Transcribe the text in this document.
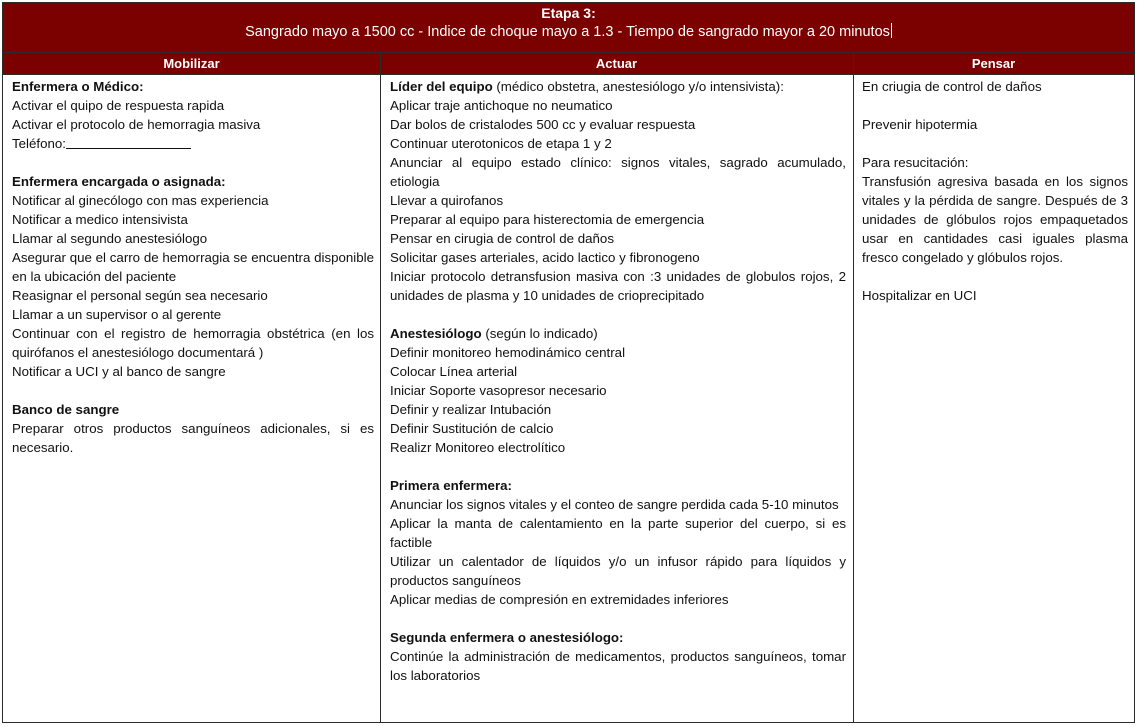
Etapa 3:
Sangrado mayo a 1500 cc - Indice de choque mayo a 1.3 - Tiempo de sangrado mayor a 20 minutos
Mobilizar	Actuar	Pensar

Enfermera o Médico:

Activar el quipo de respuesta rapida

Activar el protocolo de hemorragia masiva

Teléfono:

Enfermera encargada o asignada:

Notificar al ginecólogo con mas experiencia

Notificar a medico intensivista

Llamar al segundo anestesiólogo

Asegurar que el carro de hemorragia se encuentra disponible en la ubicación del paciente

Reasignar el personal según sea necesario

Llamar a un supervisor o al gerente

Continuar con el registro de hemorragia obstétrica (en los quirófanos el anestesiólogo documentará )

Notificar a UCI y al banco de sangre

Banco de sangre

Preparar otros productos sanguíneos adicionales, si es necesario.

Líder del equipo (médico obstetra, anestesiólogo y/o intensivista):

Aplicar traje antichoque no neumatico

Dar bolos de cristalodes 500 cc y evaluar respuesta

Continuar uterotonicos de etapa 1 y 2

Anunciar al equipo estado clínico: signos vitales, sagrado acumulado, etiologia

Llevar a quirofanos

Preparar al equipo para histerectomia de emergencia

Pensar en cirugia de control de daños

Solicitar gases arteriales, acido lactico y fibronogeno

Iniciar protocolo detransfusion masiva con :3 unidades de globulos rojos, 2 unidades de plasma y 10 unidades de crioprecipitado

Anestesiólogo (según lo indicado)

Definir monitoreo hemodinámico central

Colocar Línea arterial

Iniciar Soporte vasopresor necesario

Definir y realizar Intubación

Definir Sustitución de calcio

Realizr Monitoreo electrolítico

Primera enfermera:

Anunciar los signos vitales y el conteo de sangre perdida cada 5-10 minutos

Aplicar la manta de calentamiento en la parte superior del cuerpo, si es factible

Utilizar un calentador de líquidos y/o un infusor rápido para líquidos y productos sanguíneos

Aplicar medias de compresión en extremidades inferiores

Segunda enfermera o anestesiólogo:

Continúe la administración de medicamentos, productos sanguíneos, tomar los laboratorios

En criugia de control de daños

Prevenir hipotermia

Para resucitación:

Transfusión agresiva basada en los signos vitales y la pérdida de sangre. Después de 3 unidades de glóbulos rojos empaquetados usar en cantidades casi iguales plasma fresco congelado y glóbulos rojos.

Hospitalizar en UCI
